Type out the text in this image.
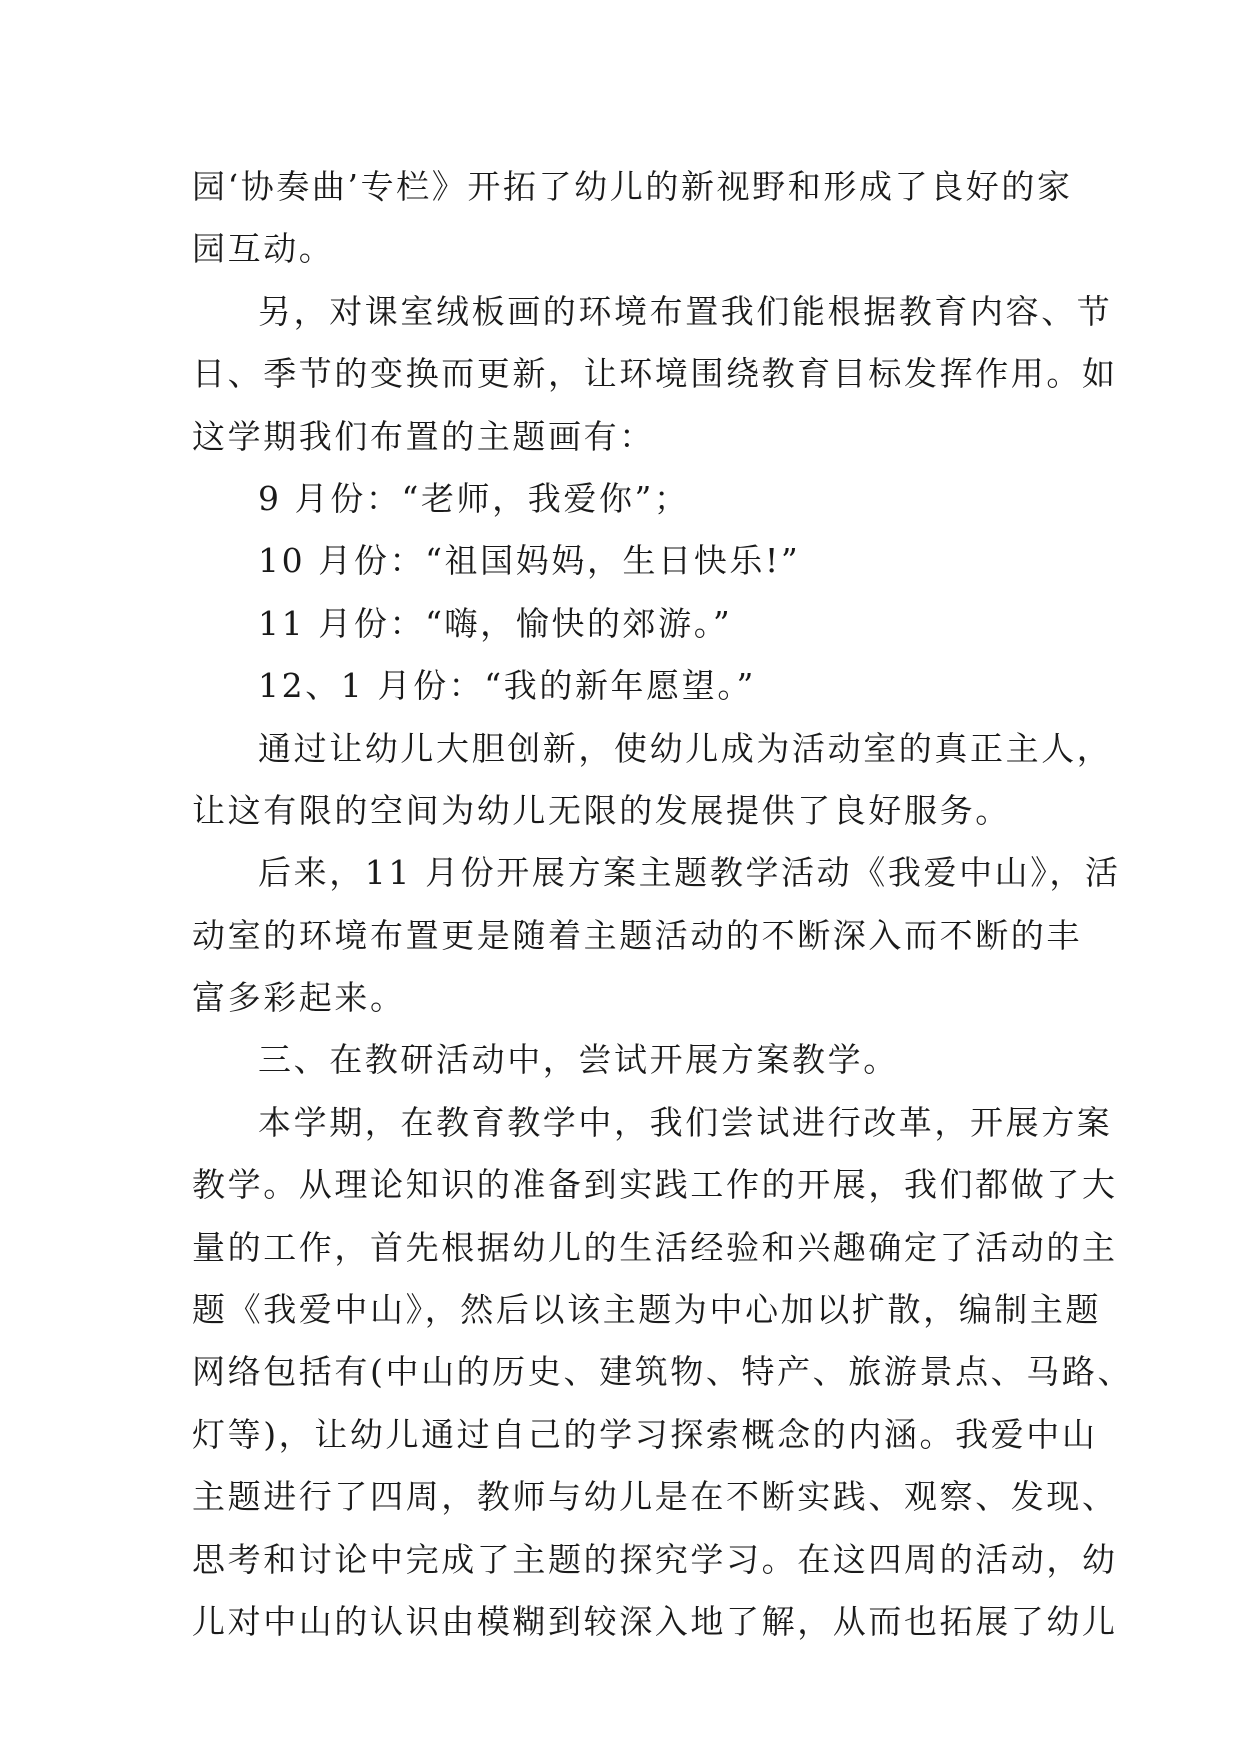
园‘协奏曲’专栏》开拓了幼儿的新视野和形成了良好的家
园互动。
另，对课室绒板画的环境布置我们能根据教育内容、节
日、季节的变换而更新，让环境围绕教育目标发挥作用。如
这学期我们布置的主题画有：
9 月份：“老师，我爱你”；
10 月份：“祖国妈妈，生日快乐!”
11 月份：“嗨，愉快的郊游。”
12、1 月份：“我的新年愿望。”
通过让幼儿大胆创新，使幼儿成为活动室的真正主人，
让这有限的空间为幼儿无限的发展提供了良好服务。
后来，11 月份开展方案主题教学活动《我爱中山》，活
动室的环境布置更是随着主题活动的不断深入而不断的丰
富多彩起来。
三、在教研活动中，尝试开展方案教学。
本学期，在教育教学中，我们尝试进行改革，开展方案
教学。从理论知识的准备到实践工作的开展，我们都做了大
量的工作，首先根据幼儿的生活经验和兴趣确定了活动的主
题《我爱中山》，然后以该主题为中心加以扩散，编制主题
网络包括有(中山的历史、建筑物、特产、旅游景点、马路、
灯等)，让幼儿通过自己的学习探索概念的内涵。我爱中山
主题进行了四周，教师与幼儿是在不断实践、观察、发现、
思考和讨论中完成了主题的探究学习。在这四周的活动，幼
儿对中山的认识由模糊到较深入地了解，从而也拓展了幼儿
